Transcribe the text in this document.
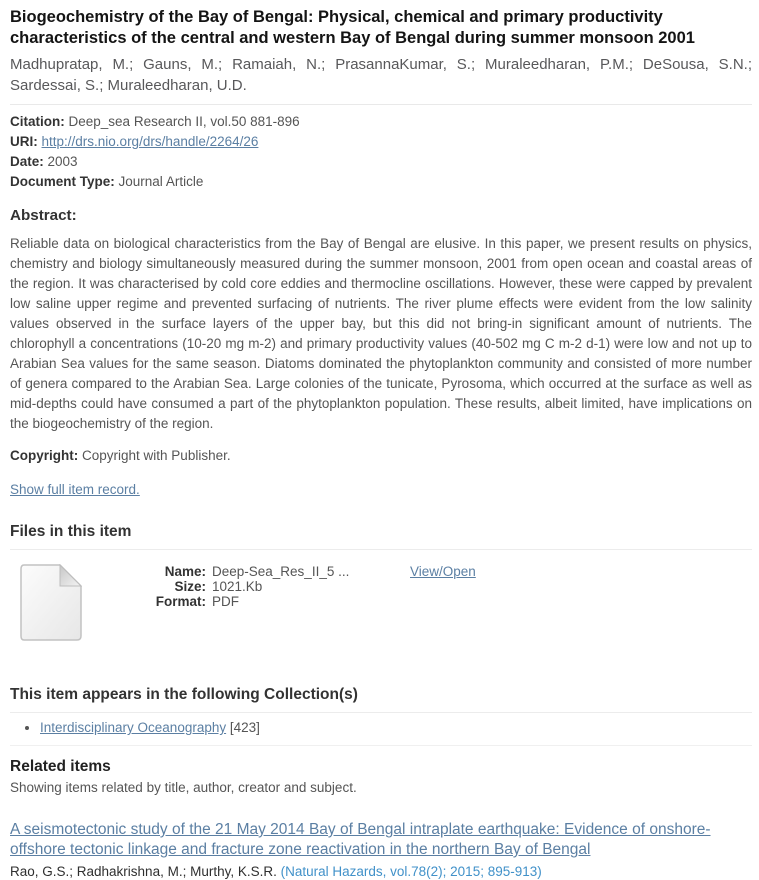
Biogeochemistry of the Bay of Bengal: Physical, chemical and primary productivity characteristics of the central and western Bay of Bengal during summer monsoon 2001

Madhupratap, M.; Gauns, M.; Ramaiah, N.; PrasannaKumar, S.; Muraleedharan, P.M.; DeSousa, S.N.; Sardessai, S.; Muraleedharan, U.D.

Citation: Deep_sea Research II, vol.50 881-896
URI: http://drs.nio.org/drs/handle/2264/26
Date: 2003
Document Type: Journal Article
Abstract:

Reliable data on biological characteristics from the Bay of Bengal are elusive. In this paper, we present results on physics, chemistry and biology simultaneously measured during the summer monsoon, 2001 from open ocean and coastal areas of the region. It was characterised by cold core eddies and thermocline oscillations. However, these were capped by prevalent low saline upper regime and prevented surfacing of nutrients. The river plume effects were evident from the low salinity values observed in the surface layers of the upper bay, but this did not bring-in significant amount of nutrients. The chlorophyll a concentrations (10-20 mg m-2) and primary productivity values (40-502 mg C m-2 d-1) were low and not up to Arabian Sea values for the same season. Diatoms dominated the phytoplankton community and consisted of more number of genera compared to the Arabian Sea. Large colonies of the tunicate, Pyrosoma, which occurred at the surface as well as mid-depths could have consumed a part of the phytoplankton population. These results, albeit limited, have implications on the biogeochemistry of the region.

Copyright: Copyright with Publisher.
Show full item record.
Files in this item
Name: Deep-Sea_Res_II_5 ...
Size: 1021.Kb
Format: PDF
View/Open
This item appears in the following Collection(s)
• Interdisciplinary Oceanography [423]
Related items

Showing items related by title, author, creator and subject.

A seismotectonic study of the 21 May 2014 Bay of Bengal intraplate earthquake: Evidence of onshore-offshore tectonic linkage and fracture zone reactivation in the northern Bay of Bengal
Rao, G.S.; Radhakrishna, M.; Murthy, K.S.R. (Natural Hazards, vol.78(2); 2015; 895-913)
